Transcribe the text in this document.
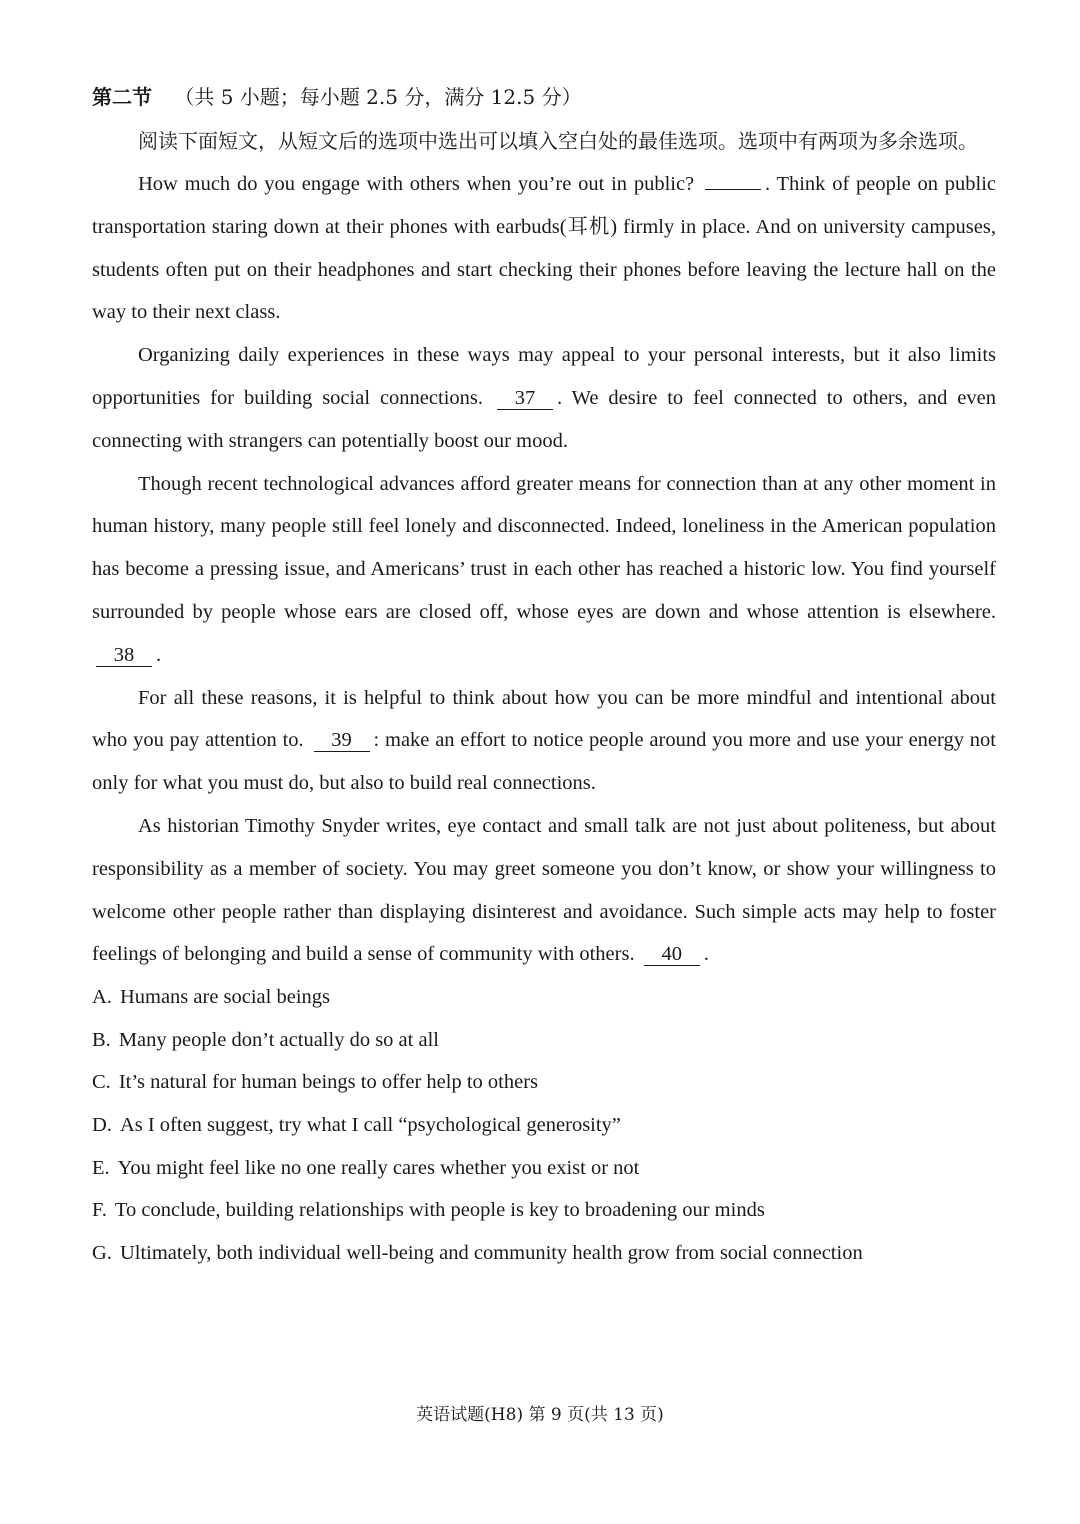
第二节 （共 5 小题；每小题 2.5 分，满分 12.5 分）

阅读下面短文，从短文后的选项中选出可以填入空白处的最佳选项。选项中有两项为多余选项。

How much do you engage with others when you’re out in public?	. Think of people on public transportation staring down at their phones with earbuds(耳机) firmly in place. And on university campuses, students often put on their headphones and start checking their phones before leaving the lecture hall on the way to their next class.

Organizing daily experiences in these ways may appeal to your personal interests, but it also limits opportunities for building social connections. 37 . We desire to feel connected to others, and even connecting with strangers can potentially boost our mood.

Though recent technological advances afford greater means for connection than at any other moment in human history, many people still feel lonely and disconnected. Indeed, loneliness in the American population has become a pressing issue, and Americans’ trust in each other has reached a historic low. You find yourself surrounded by people whose ears are closed off, whose eyes are down and whose attention is elsewhere. 38 .

For all these reasons, it is helpful to think about how you can be more mindful and intentional about who you pay attention to. 39 : make an effort to notice people around you more and use your energy not only for what you must do, but also to build real connections.

As historian Timothy Snyder writes, eye contact and small talk are not just about politeness, but about responsibility as a member of society. You may greet someone you don’t know, or show your willingness to welcome other people rather than displaying disinterest and avoidance. Such simple acts may help to foster feelings of belonging and build a sense of community with others. 40 .

A. Humans are social beings
B. Many people don’t actually do so at all
C. It’s natural for human beings to offer help to others
D. As I often suggest, try what I call “psychological generosity”
E. You might feel like no one really cares whether you exist or not
F. To conclude, building relationships with people is key to broadening our minds
G. Ultimately, both individual well-being and community health grow from social connection
英语试题(H8) 第 9 页(共 13 页)
